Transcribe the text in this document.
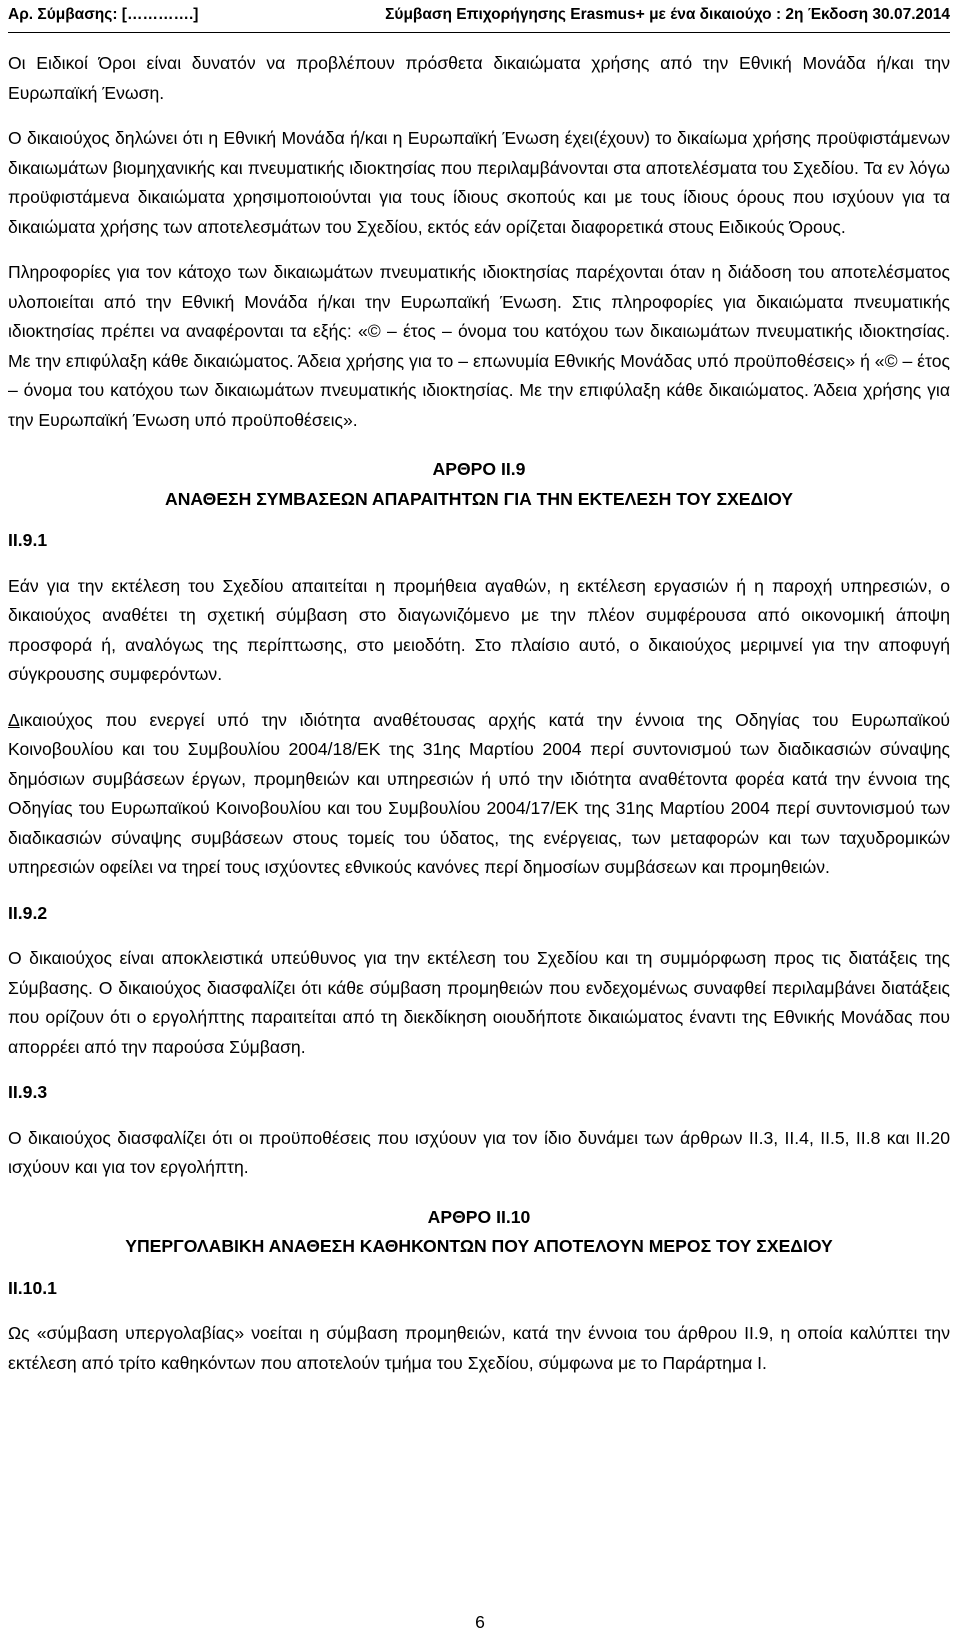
Αρ. Σύμβασης: [………….]	Σύμβαση Επιχορήγησης Erasmus+ με ένα δικαιούχο : 2η Έκδοση 30.07.2014

Οι Ειδικοί Όροι είναι δυνατόν να προβλέπουν πρόσθετα δικαιώματα χρήσης από την Εθνική Μονάδα ή/και την Ευρωπαϊκή Ένωση.

Ο δικαιούχος δηλώνει ότι η Εθνική Μονάδα ή/και η Ευρωπαϊκή Ένωση έχει(έχουν) το δικαίωμα χρήσης προϋφιστάμενων δικαιωμάτων βιομηχανικής και πνευματικής ιδιοκτησίας που περιλαμβάνονται στα αποτελέσματα του Σχεδίου. Τα εν λόγω προϋφιστάμενα δικαιώματα χρησιμοποιούνται για τους ίδιους σκοπούς και με τους ίδιους όρους που ισχύουν για τα δικαιώματα χρήσης των αποτελεσμάτων του Σχεδίου, εκτός εάν ορίζεται διαφορετικά στους Ειδικούς Όρους.

Πληροφορίες για τον κάτοχο των δικαιωμάτων πνευματικής ιδιοκτησίας παρέχονται όταν η διάδοση του αποτελέσματος υλοποιείται από την Εθνική Μονάδα ή/και την Ευρωπαϊκή Ένωση. Στις πληροφορίες για δικαιώματα πνευματικής ιδιοκτησίας πρέπει να αναφέρονται τα εξής: «© – έτος – όνομα του κατόχου των δικαιωμάτων πνευματικής ιδιοκτησίας. Με την επιφύλαξη κάθε δικαιώματος. Άδεια χρήσης για το – επωνυμία Εθνικής Μονάδας υπό προϋποθέσεις» ή «© – έτος – όνομα του κατόχου των δικαιωμάτων πνευματικής ιδιοκτησίας. Με την επιφύλαξη κάθε δικαιώματος. Άδεια χρήσης για την Ευρωπαϊκή Ένωση υπό προϋποθέσεις».

ΑΡΘΡΟ II.9

ΑΝΑΘΕΣΗ ΣΥΜΒΑΣΕΩΝ ΑΠΑΡΑΙΤΗΤΩΝ ΓΙΑ ΤΗΝ ΕΚΤΕΛΕΣΗ ΤΟΥ ΣΧΕΔΙΟΥ

II.9.1

Εάν για την εκτέλεση του Σχεδίου απαιτείται η προμήθεια αγαθών, η εκτέλεση εργασιών ή η παροχή υπηρεσιών, ο δικαιούχος αναθέτει τη σχετική σύμβαση στο διαγωνιζόμενο με την πλέον συμφέρουσα από οικονομική άποψη προσφορά ή, αναλόγως της περίπτωσης, στο μειοδότη. Στο πλαίσιο αυτό, ο δικαιούχος μεριμνεί για την αποφυγή σύγκρουσης συμφερόντων.

Δικαιούχος που ενεργεί υπό την ιδιότητα αναθέτουσας αρχής κατά την έννοια της Οδηγίας του Ευρωπαϊκού Κοινοβουλίου και του Συμβουλίου 2004/18/ΕΚ της 31ης Μαρτίου 2004 περί συντονισμού των διαδικασιών σύναψης δημόσιων συμβάσεων έργων, προμηθειών και υπηρεσιών ή υπό την ιδιότητα αναθέτοντα φορέα κατά την έννοια της Οδηγίας του Ευρωπαϊκού Κοινοβουλίου και του Συμβουλίου 2004/17/ΕΚ της 31ης Μαρτίου 2004 περί συντονισμού των διαδικασιών σύναψης συμβάσεων στους τομείς του ύδατος, της ενέργειας, των μεταφορών και των ταχυδρομικών υπηρεσιών οφείλει να τηρεί τους ισχύοντες εθνικούς κανόνες περί δημοσίων συμβάσεων και προμηθειών.

II.9.2

Ο δικαιούχος είναι αποκλειστικά υπεύθυνος για την εκτέλεση του Σχεδίου και τη συμμόρφωση προς τις διατάξεις της Σύμβασης. Ο δικαιούχος διασφαλίζει ότι κάθε σύμβαση προμηθειών που ενδεχομένως συναφθεί περιλαμβάνει διατάξεις που ορίζουν ότι ο εργολήπτης παραιτείται από τη διεκδίκηση οιουδήποτε δικαιώματος έναντι της Εθνικής Μονάδας που απορρέει από την παρούσα Σύμβαση.

II.9.3

Ο δικαιούχος διασφαλίζει ότι οι προϋποθέσεις που ισχύουν για τον ίδιο δυνάμει των άρθρων II.3, II.4, II.5, II.8 και II.20 ισχύουν και για τον εργολήπτη.

ΑΡΘΡΟ II.10

ΥΠΕΡΓΟΛΑΒΙΚΗ ΑΝΑΘΕΣΗ ΚΑΘΗΚΟΝΤΩΝ ΠΟΥ ΑΠΟΤΕΛΟΥΝ ΜΕΡΟΣ ΤΟΥ ΣΧΕΔΙΟΥ

II.10.1

Ως «σύμβαση υπεργολαβίας» νοείται η σύμβαση προμηθειών, κατά την έννοια του άρθρου II.9, η οποία καλύπτει την εκτέλεση από τρίτο καθηκόντων που αποτελούν τμήμα του Σχεδίου, σύμφωνα με το Παράρτημα I.

6
